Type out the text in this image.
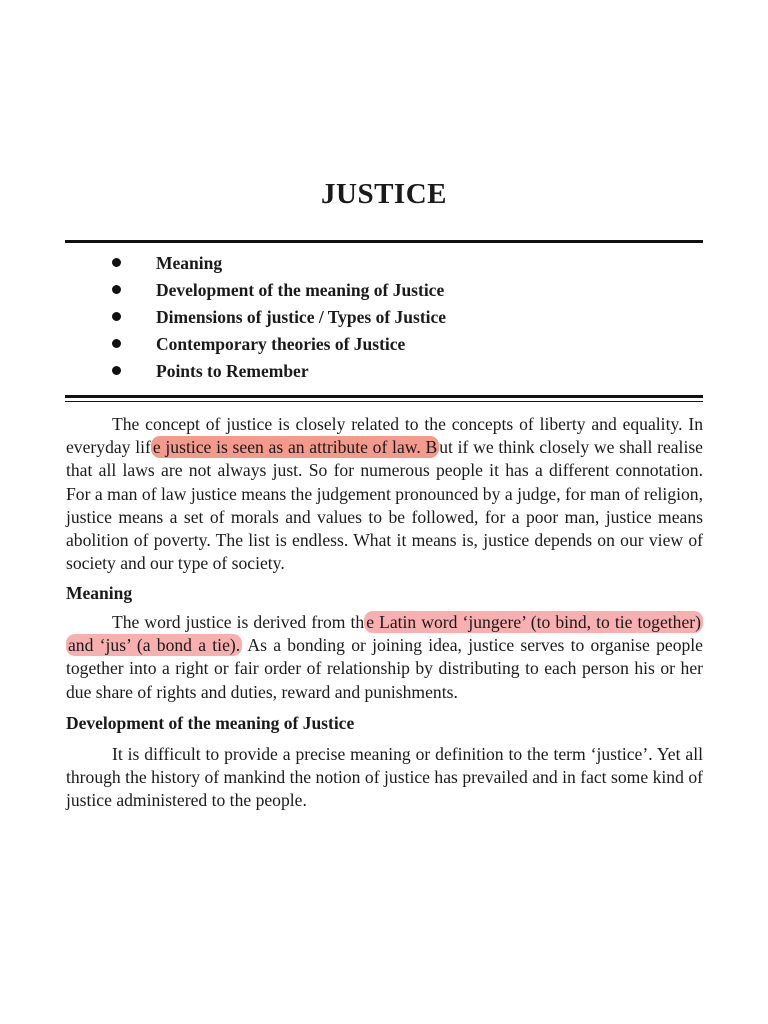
JUSTICE
Meaning
Development of the meaning of Justice
Dimensions of justice / Types of Justice
Contemporary theories of Justice
Points to Remember

The concept of justice is closely related to the concepts of liberty and equality. In everyday lif e justice is seen as an attribute of law. B ut if we think closely we shall realise that all laws are not always just. So for numerous people it has a different connotation. For a man of law justice means the judgement pronounced by a judge, for man of religion, justice means a set of morals and values to be followed, for a poor man, justice means abolition of poverty. The list is endless. What it means is, justice depends on our view of society and our type of society.

Meaning

The word justice is derived from th e Latin word ‘jungere’ (to bind, to tie together) and ‘jus’ (a bond a tie). As a bonding or joining idea, justice serves to organise people together into a right or fair order of relationship by distributing to each person his or her due share of rights and duties, reward and punishments.

Development of the meaning of Justice

It is difficult to provide a precise meaning or definition to the term ‘justice’. Yet all through the history of mankind the notion of justice has prevailed and in fact some kind of justice administered to the people.
